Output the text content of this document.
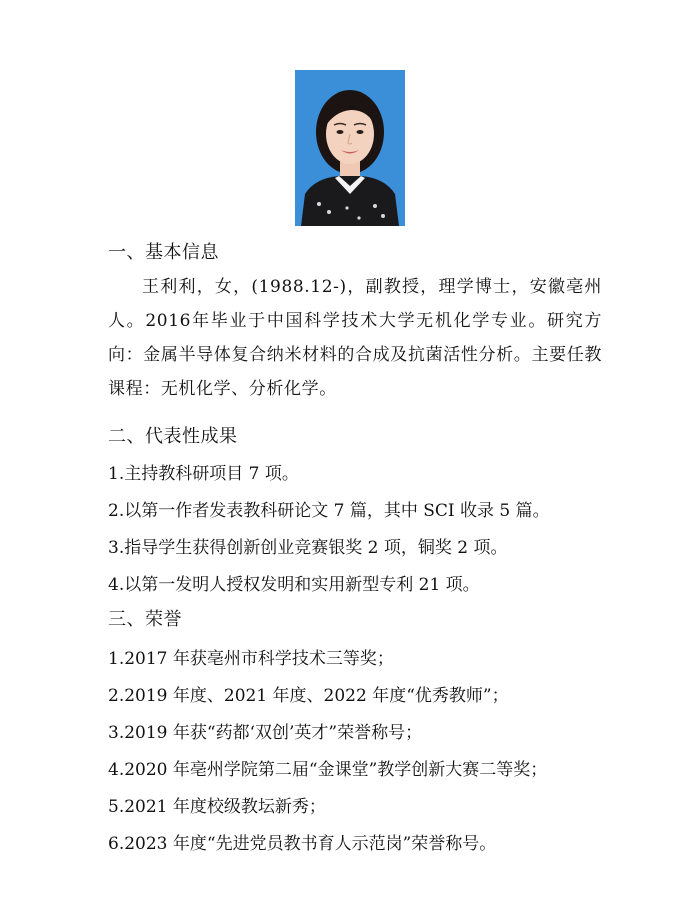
一、基本信息
王利利，女，(1988.12-)，副教授，理学博士，安徽亳州人。2016年毕业于中国科学技术大学无机化学专业。研究方向：金属半导体复合纳米材料的合成及抗菌活性分析。主要任教课程：无机化学、分析化学。
二、代表性成果
1.主持教科研项目 7 项。
2.以第一作者发表教科研论文 7 篇，其中 SCI 收录 5 篇。
3.指导学生获得创新创业竞赛银奖 2 项，铜奖 2 项。
4.以第一发明人授权发明和实用新型专利 21 项。
三、荣誉
1.2017 年获亳州市科学技术三等奖；
2.2019 年度、2021 年度、2022 年度“优秀教师”；
3.2019 年获“药都‘双创’英才”荣誉称号；
4.2020 年亳州学院第二届“金课堂”教学创新大赛二等奖；
5.2021 年度校级教坛新秀；
6.2023 年度“先进党员教书育人示范岗”荣誉称号。
